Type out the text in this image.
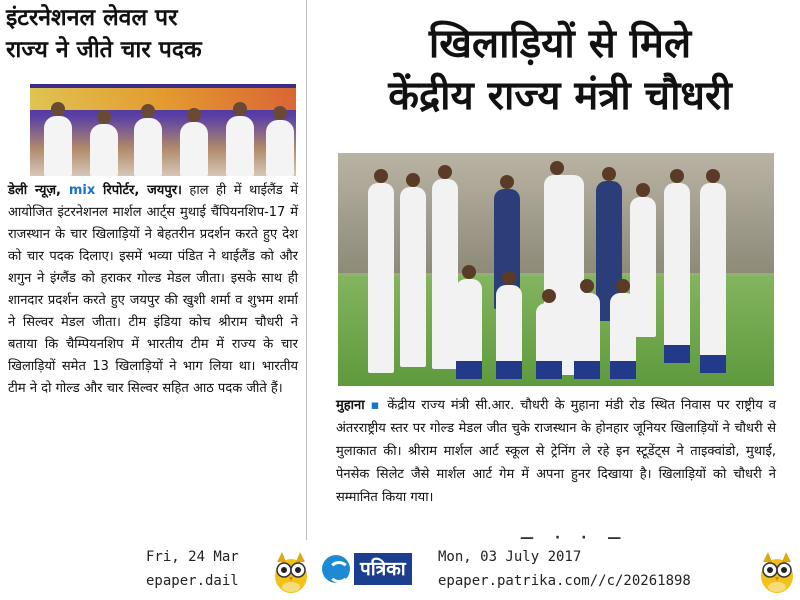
इंटरनेशनल लेवल पर
राज्य ने जीते चार पदक
डेली न्यूज़, mix रिपोर्टर, जयपुर। हाल ही में थाईलैंड में आयोजित इंटरनेशनल मार्शल आर्ट्स मुथाई चैंपियनशिप-17 में राजस्थान के चार खिलाड़ियों ने बेहतरीन प्रदर्शन करते हुए देश को चार पदक दिलाए। इसमें भव्या पंडित ने थाईलैंड को और शगुन ने इंग्लैंड को हराकर गोल्ड मेडल जीता। इसके साथ ही शानदार प्रदर्शन करते हुए जयपुर की खुशी शर्मा व शुभम शर्मा ने सिल्वर मेडल जीता। टीम इंडिया कोच श्रीराम चौधरी ने बताया कि चैम्पियनशिप में भारतीय टीम में राज्य के चार खिलाड़ियों समेत 13 खिलाड़ियों ने भाग लिया था। भारतीय टीम ने दो गोल्ड और चार सिल्वर सहित आठ पदक जीते हैं।
खिलाड़ियों से मिले
केंद्रीय राज्य मंत्री चौधरी
मुहाना ▪ केंद्रीय राज्य मंत्री सी.आर. चौधरी के मुहाना मंडी रोड स्थित निवास पर राष्ट्रीय व अंतरराष्ट्रीय स्तर पर गोल्ड मेडल जीत चुके राजस्थान के होनहार जूनियर खिलाड़ियों ने चौधरी से मुलाकात की। श्रीराम मार्शल आर्ट स्कूल से ट्रेनिंग ले रहे इन स्टूडेंट्स ने ताइक्वांडो, मुथाई, पेनसेक सिलेट जैसे मार्शल आर्ट गेम में अपना हुनर दिखाया है। खिलाड़ियों को चौधरी ने सम्मानित किया गया।
— · · —
Fri, 24 Mar
epaper.dail
पत्रिका
Mon, 03 July 2017
epaper.patrika.com//c/20261898
